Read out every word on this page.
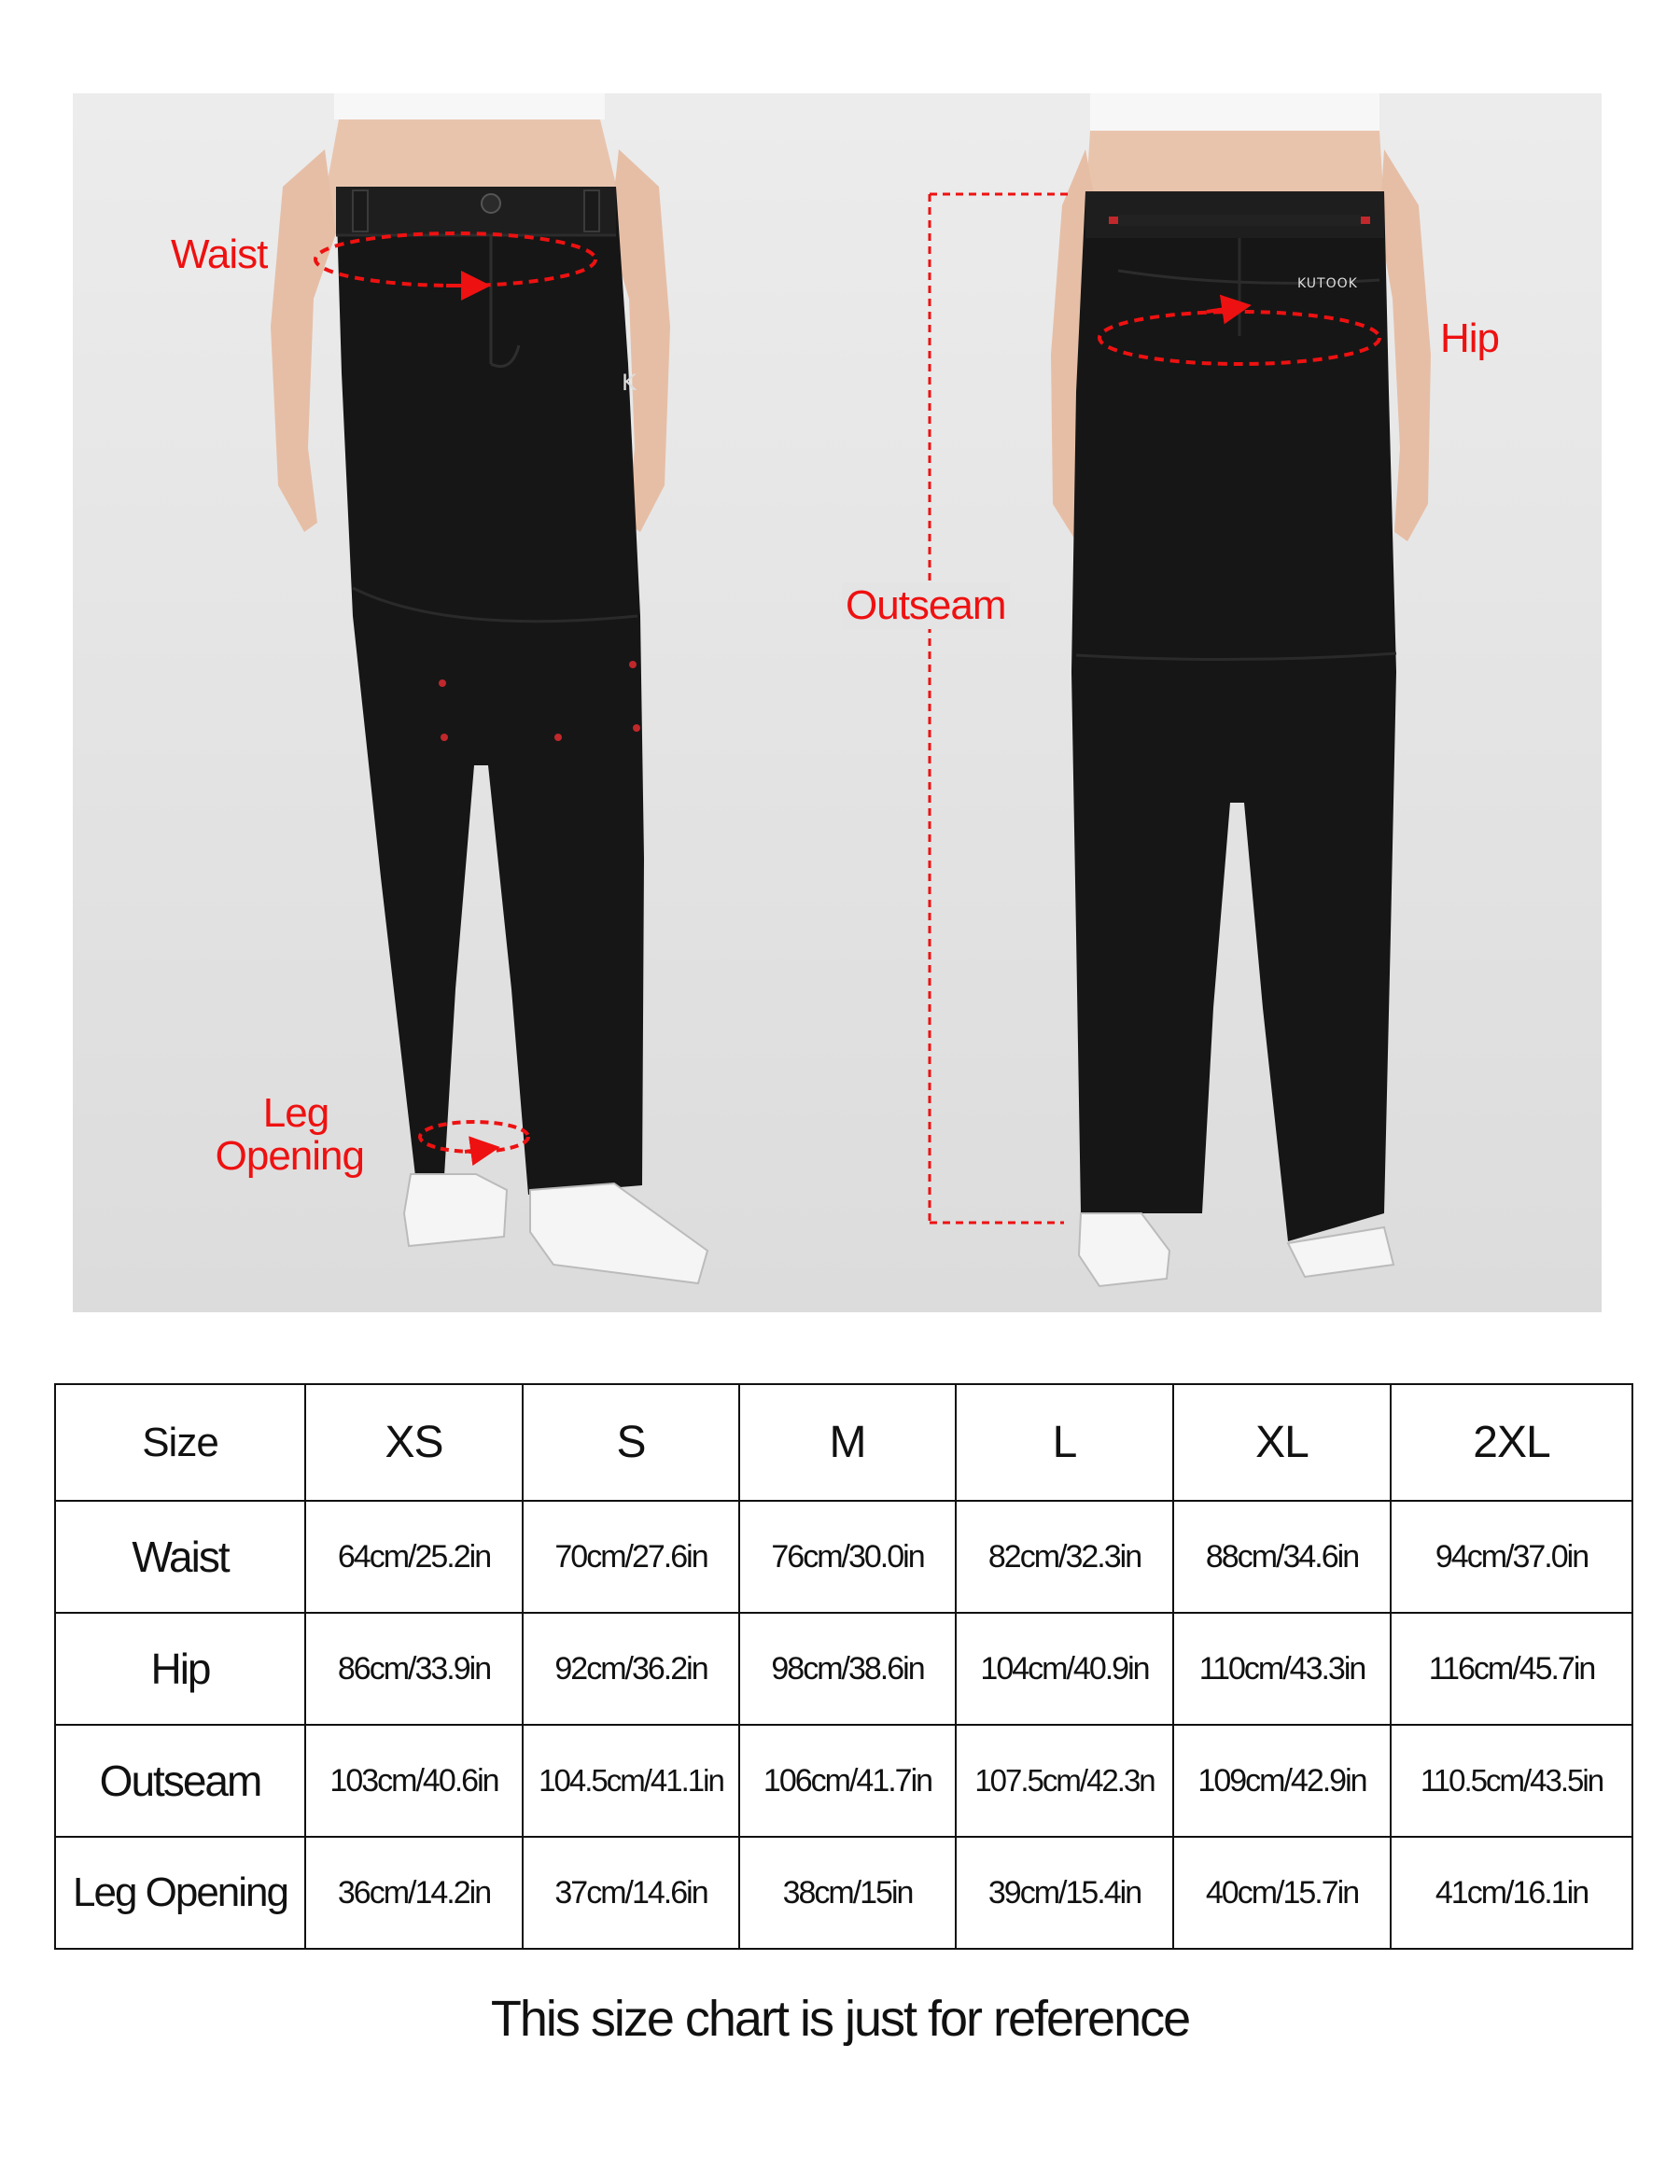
K
KUTOOK
Waist
Hip
Outseam
Leg
Opening
Size	XS	S	M	L	XL	2XL
Waist	64cm/25.2in	70cm/27.6in	76cm/30.0in	82cm/32.3in	88cm/34.6in	94cm/37.0in
Hip	86cm/33.9in	92cm/36.2in	98cm/38.6in	104cm/40.9in	110cm/43.3in	116cm/45.7in
Outseam	103cm/40.6in	104.5cm/41.1in	106cm/41.7in	107.5cm/42.3n	109cm/42.9in	110.5cm/43.5in
Leg Opening	36cm/14.2in	37cm/14.6in	38cm/15in	39cm/15.4in	40cm/15.7in	41cm/16.1in
This size chart is just for reference
